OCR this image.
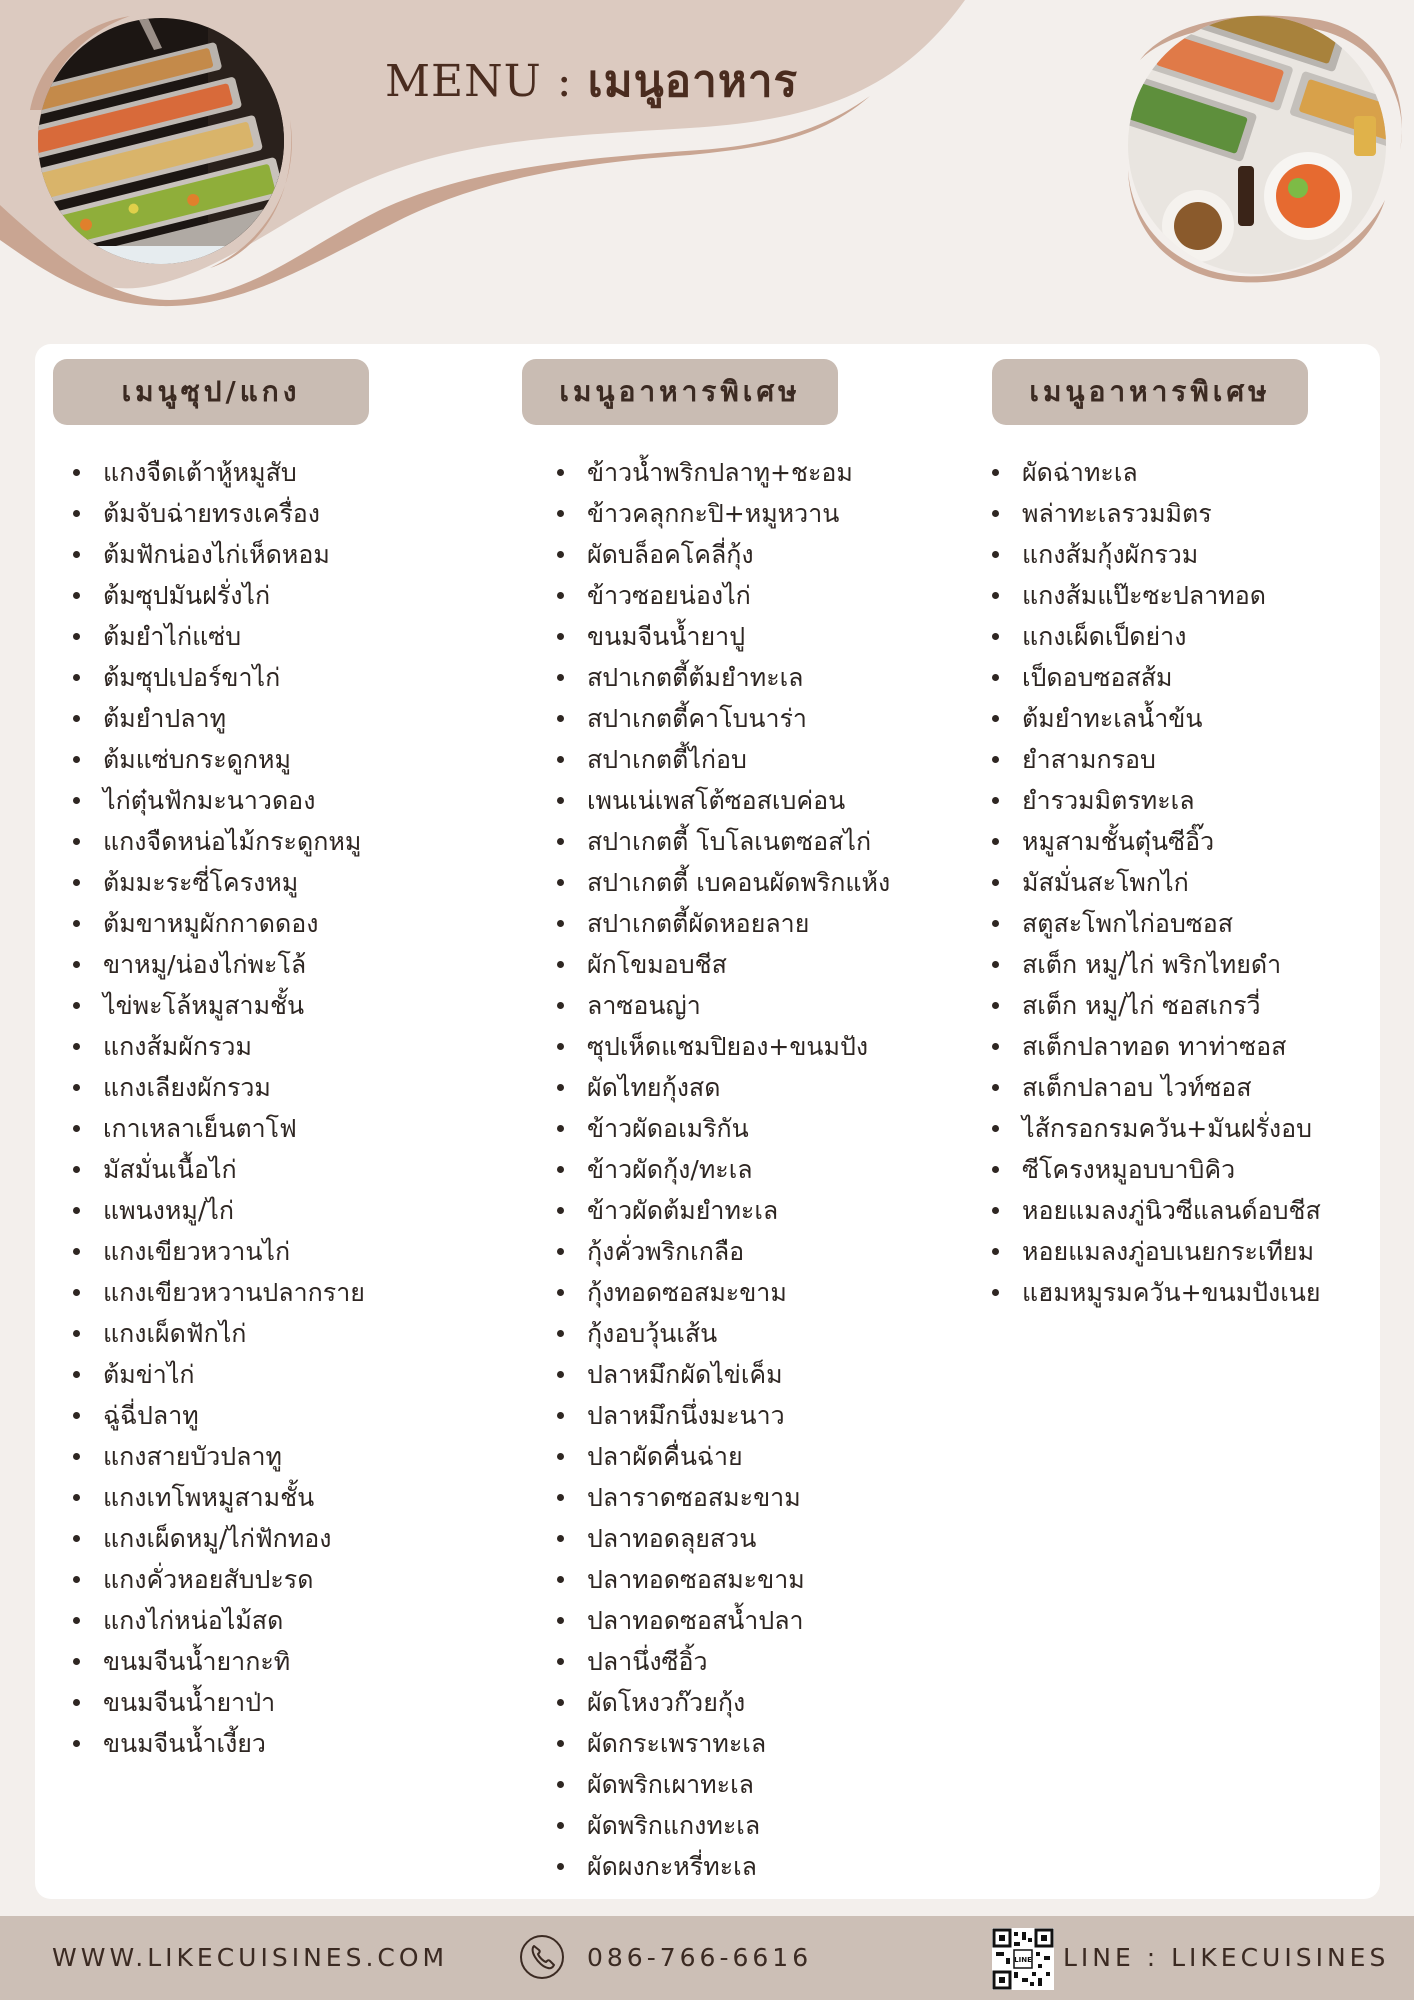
MENU : เมนูอาหาร
เมนูซุป/แกง
แกงจืดเต้าหู้หมูสับ
ต้มจับฉ่ายทรงเครื่อง
ต้มฟักน่องไก่เห็ดหอม
ต้มซุปมันฝรั่งไก่
ต้มยำไก่แซ่บ
ต้มซุปเปอร์ขาไก่
ต้มยำปลาทู
ต้มแซ่บกระดูกหมู
ไก่ตุ๋นฟักมะนาวดอง
แกงจืดหน่อไม้กระดูกหมู
ต้มมะระซี่โครงหมู
ต้มขาหมูผักกาดดอง
ขาหมู/น่องไก่พะโล้
ไข่พะโล้หมูสามชั้น
แกงส้มผักรวม
แกงเลียงผักรวม
เกาเหลาเย็นตาโฟ
มัสมั่นเนื้อไก่
แพนงหมู/ไก่
แกงเขียวหวานไก่
แกงเขียวหวานปลากราย
แกงเผ็ดฟักไก่
ต้มข่าไก่
ฉู่ฉี่ปลาทู
แกงสายบัวปลาทู
แกงเทโพหมูสามชั้น
แกงเผ็ดหมู/ไก่ฟักทอง
แกงคั่วหอยสับปะรด
แกงไก่หน่อไม้สด
ขนมจีนน้ำยากะทิ
ขนมจีนน้ำยาป่า
ขนมจีนน้ำเงี้ยว
เมนูอาหารพิเศษ
ข้าวน้ำพริกปลาทู+ชะอม
ข้าวคลุกกะปิ+หมูหวาน
ผัดบล็อคโคลี่กุ้ง
ข้าวซอยน่องไก่
ขนมจีนน้ำยาปู
สปาเกตตี้ต้มยำทะเล
สปาเกตตี้คาโบนาร่า
สปาเกตตี้ไก่อบ
เพนเน่เพสโต้ซอสเบค่อน
สปาเกตตี้ โบโลเนตซอสไก่
สปาเกตตี้ เบคอนผัดพริกแห้ง
สปาเกตตี้ผัดหอยลาย
ผักโขมอบชีส
ลาซอนญ่า
ซุปเห็ดแชมปิยอง+ขนมปัง
ผัดไทยกุ้งสด
ข้าวผัดอเมริกัน
ข้าวผัดกุ้ง/ทะเล
ข้าวผัดต้มยำทะเล
กุ้งคั่วพริกเกลือ
กุ้งทอดซอสมะขาม
กุ้งอบวุ้นเส้น
ปลาหมึกผัดไข่เค็ม
ปลาหมึกนึ่งมะนาว
ปลาผัดคื่นฉ่าย
ปลาราดซอสมะขาม
ปลาทอดลุยสวน
ปลาทอดซอสมะขาม
ปลาทอดซอสน้ำปลา
ปลานึ่งซีอิ้ว
ผัดโหงวก๊วยกุ้ง
ผัดกระเพราทะเล
ผัดพริกเผาทะเล
ผัดพริกแกงทะเล
ผัดผงกะหรี่ทะเล
เมนูอาหารพิเศษ
ผัดฉ่าทะเล
พล่าทะเลรวมมิตร
แกงส้มกุ้งผักรวม
แกงส้มแป๊ะซะปลาทอด
แกงเผ็ดเป็ดย่าง
เป็ดอบซอสส้ม
ต้มยำทะเลน้ำข้น
ยำสามกรอบ
ยำรวมมิตรทะเล
หมูสามชั้นตุ๋นซีอิ๊ว
มัสมั่นสะโพกไก่
สตูสะโพกไก่อบซอส
สเต็ก หมู/ไก่ พริกไทยดำ
สเต็ก หมู/ไก่ ซอสเกรวี่
สเต็กปลาทอด ทาท่าซอส
สเต็กปลาอบ ไวท์ซอส
ไส้กรอกรมควัน+มันฝรั่งอบ
ซีโครงหมูอบบาบิคิว
หอยแมลงภู่นิวซีแลนด์อบชีส
หอยแมลงภู่อบเนยกระเทียม
แฮมหมูรมควัน+ขนมปังเนย
WWW.LIKECUISINES.COM	086-766-6616	LINE LINE : LIKECUISINES
